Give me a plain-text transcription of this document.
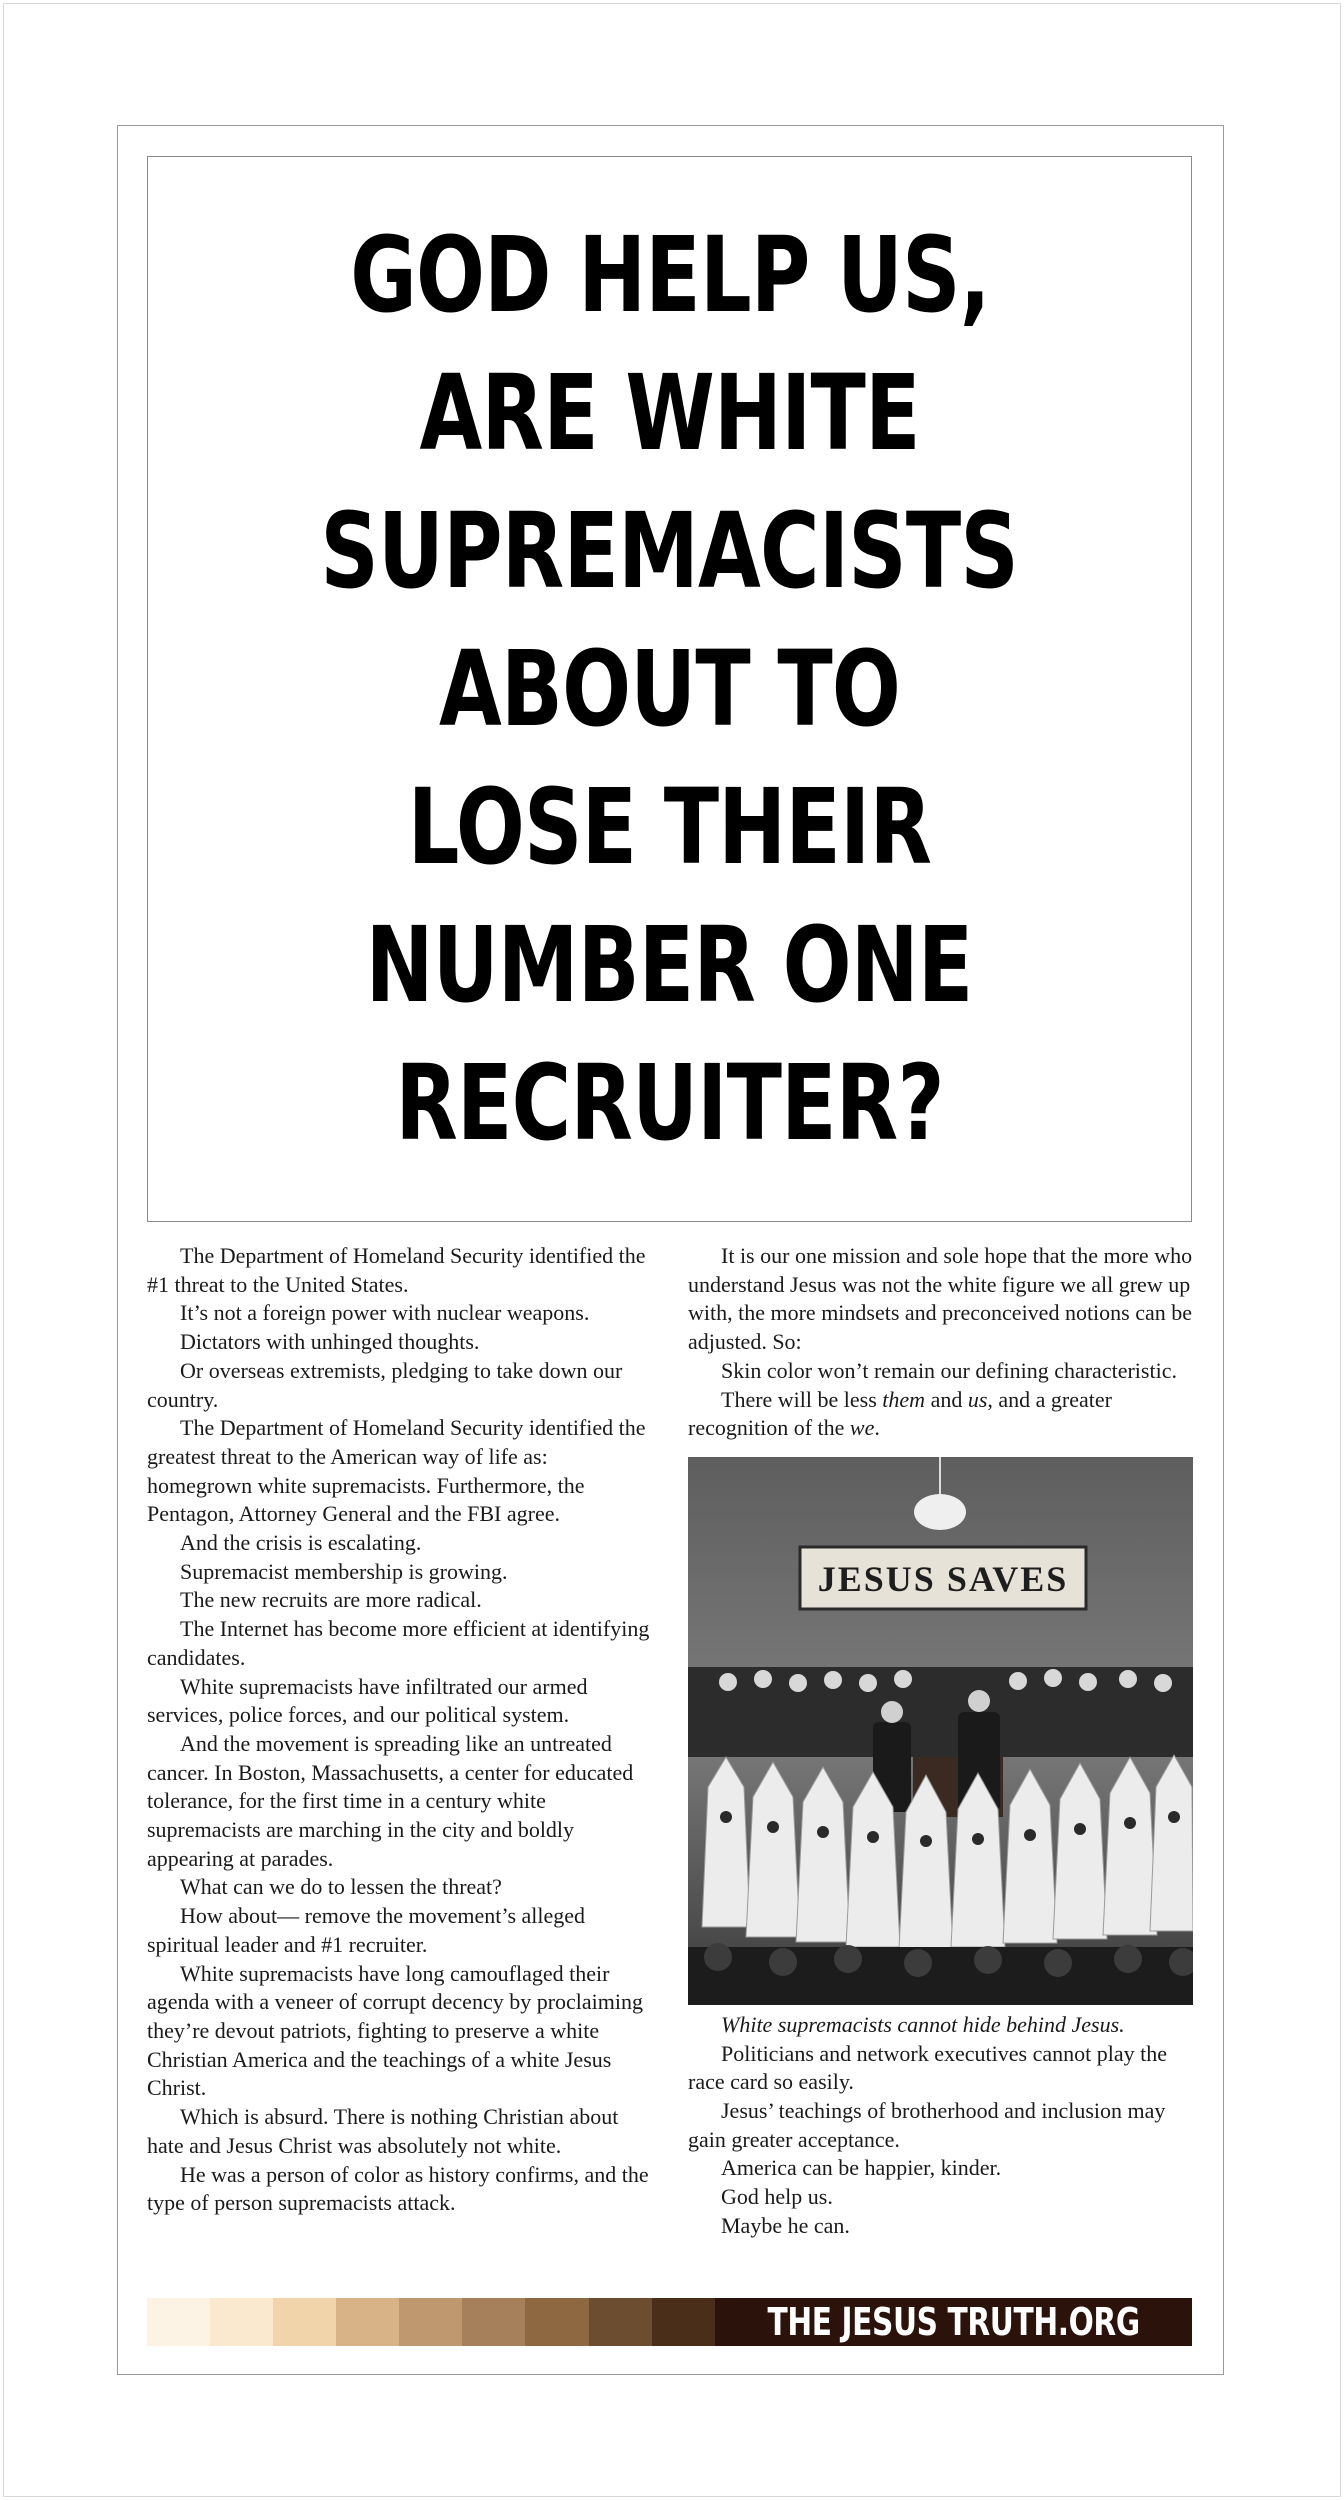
GOD HELP US,
ARE WHITE
SUPREMACISTS
ABOUT TO
LOSE THEIR
NUMBER ONE
RECRUITER?

The Department of Homeland Security identified the #1 threat to the United States.

It’s not a foreign power with nuclear weapons.

Dictators with unhinged thoughts.

Or overseas extremists, pledging to take down our country.

The Department of Homeland Security identified the greatest threat to the American way of life as: homegrown white supremacists. Furthermore, the Pentagon, Attorney General and the FBI agree.

And the crisis is escalating.

Supremacist membership is growing.

The new recruits are more radical.

The Internet has become more efficient at identifying candidates.

White supremacists have infiltrated our armed services, police forces, and our political system.

And the movement is spreading like an untreated cancer. In Boston, Massachusetts, a center for educated tolerance, for the first time in a century white supremacists are marching in the city and boldly appearing at parades.

What can we do to lessen the threat?

How about— remove the movement’s alleged spiritual leader and #1 recruiter.

White supremacists have long camouflaged their agenda with a veneer of corrupt decency by proclaiming they’re devout patriots, fighting to preserve a white Christian America and the teachings of a white Jesus Christ.

Which is absurd. There is nothing Christian about hate and Jesus Christ was absolutely not white.

He was a person of color as history confirms, and the type of person supremacists attack.

It is our one mission and sole hope that the more who understand Jesus was not the white figure we all grew up with, the more mindsets and preconceived notions can be adjusted. So:

Skin color won’t remain our defining characteristic.

There will be less them and us, and a greater recognition of the we.

JESUS SAVES

White supremacists cannot hide behind Jesus.

Politicians and network executives cannot play the race card so easily.

Jesus’ teachings of brotherhood and inclusion may gain greater acceptance.

America can be happier, kinder.

God help us.

Maybe he can.

THE JESUS TRUTH.ORG
